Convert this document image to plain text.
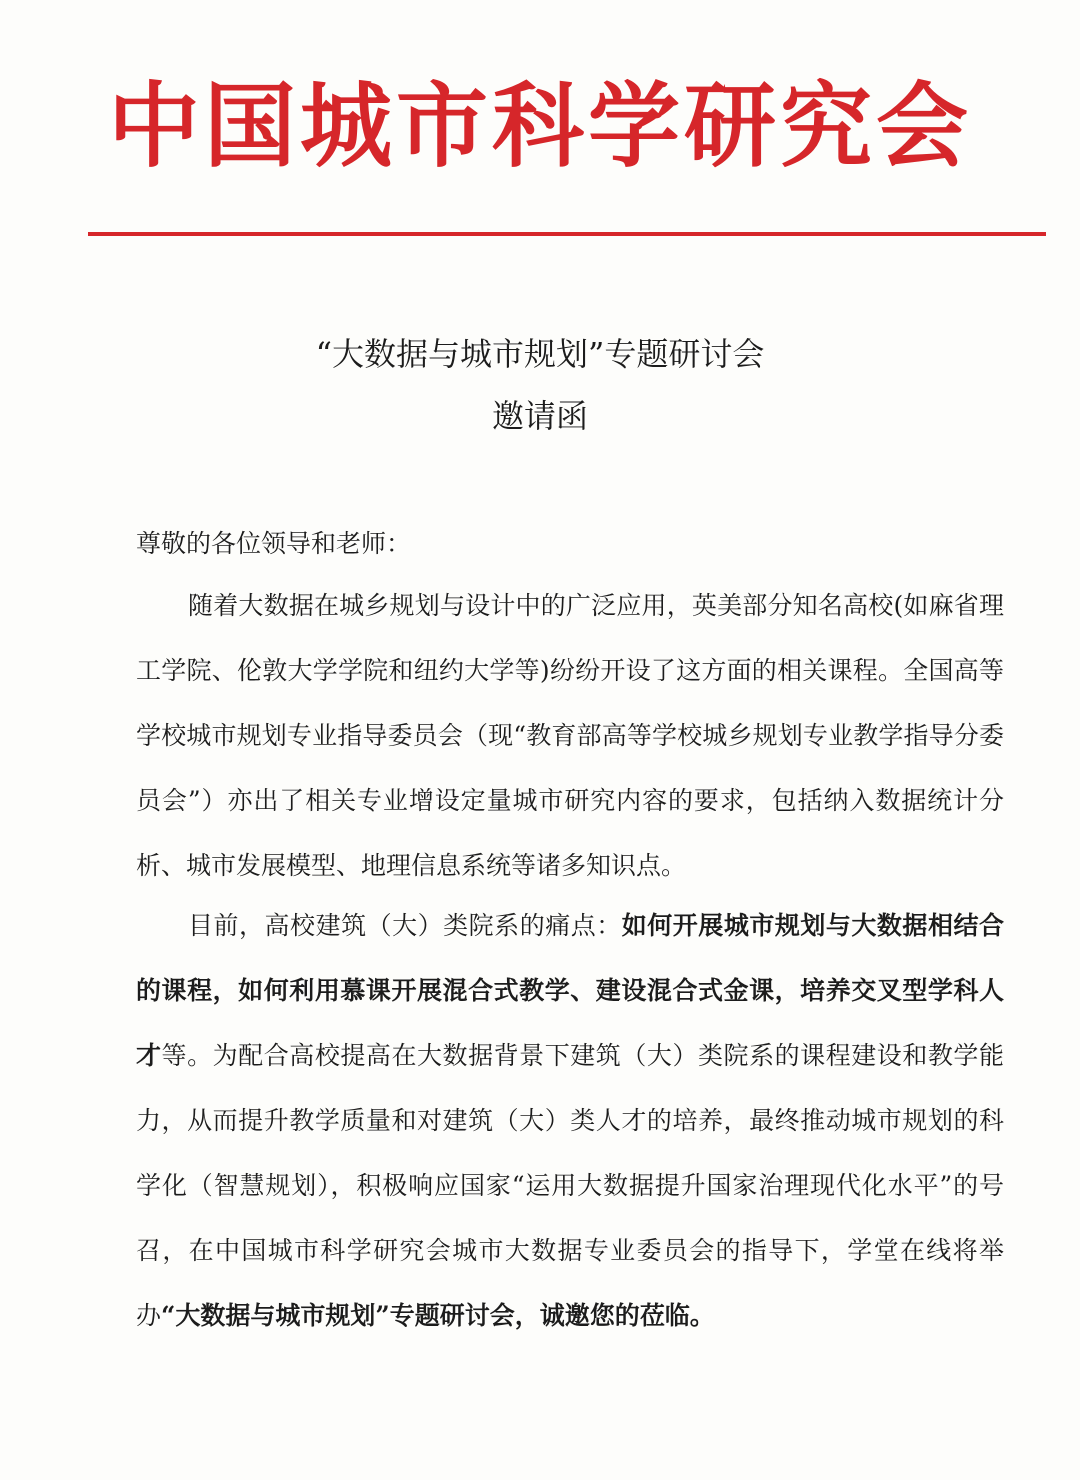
中国城市科学研究会
“大数据与城市规划”专题研讨会
邀请函
尊敬的各位领导和老师：
随着大数据在城乡规划与设计中的广泛应用，英美部分知名高校(如麻省理工学院、伦敦大学学院和纽约大学等)纷纷开设了这方面的相关课程。全国高等学校城市规划专业指导委员会（现“教育部高等学校城乡规划专业教学指导分委员会”）亦出了相关专业增设定量城市研究内容的要求，包括纳入数据统计分析、城市发展模型、地理信息系统等诸多知识点。
目前，高校建筑（大）类院系的痛点：如何开展城市规划与大数据相结合的课程，如何利用慕课开展混合式教学、建设混合式金课，培养交叉型学科人才等。为配合高校提高在大数据背景下建筑（大）类院系的课程建设和教学能力，从而提升教学质量和对建筑（大）类人才的培养，最终推动城市规划的科学化（智慧规划），积极响应国家“运用大数据提升国家治理现代化水平”的号召，在中国城市科学研究会城市大数据专业委员会的指导下，学堂在线将举办“大数据与城市规划”专题研讨会，诚邀您的莅临。
